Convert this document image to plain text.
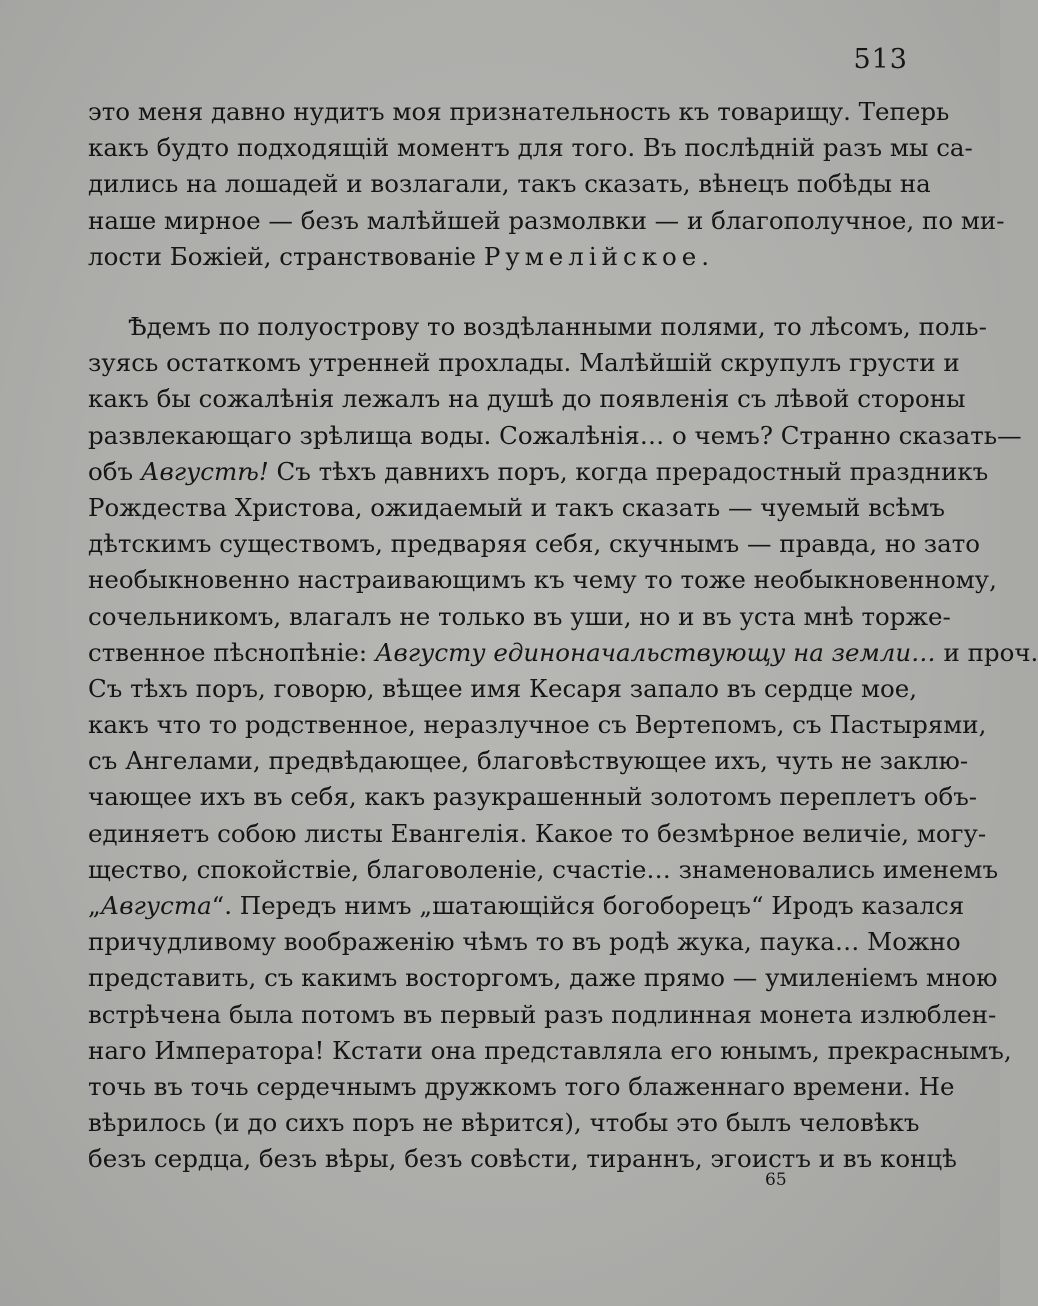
513
это меня давно нудитъ моя признательность къ товарищу. Теперь
какъ будто подходящій моментъ для того. Въ послѣдній разъ мы са-
дились на лошадей и возлагали, такъ сказать, вѣнецъ побѣды на
наше мирное — безъ малѣйшей размолвки — и благополучное, по ми-
лости Божіей, странствованіе Румелійское.
Ѣдемъ по полуострову то воздѣланными полями, то лѣсомъ, поль-
зуясь остаткомъ утренней прохлады. Малѣйшій скрупулъ грусти и
какъ бы сожалѣнія лежалъ на душѣ до появленія съ лѣвой стороны
развлекающаго зрѣлища воды. Сожалѣнія… о чемъ? Странно сказать—
объ Августѣ! Съ тѣхъ давнихъ поръ, когда прерадостный праздникъ
Рождества Христова, ожидаемый и такъ сказать — чуемый всѣмъ
дѣтскимъ существомъ, предваряя себя, скучнымъ — правда, но зато
необыкновенно настраивающимъ къ чему то тоже необыкновенному,
сочельникомъ, влагалъ не только въ уши, но и въ уста мнѣ торже-
ственное пѣснопѣніе: Августу единоначальствующу на земли… и проч.
Съ тѣхъ поръ, говорю, вѣщее имя Кесаря запало въ сердце мое,
какъ что то родственное, неразлучное съ Вертепомъ, съ Пастырями,
съ Ангелами, предвѣдающее, благовѣствующее ихъ, чуть не заклю-
чающее ихъ въ себя, какъ разукрашенный золотомъ переплетъ объ-
единяетъ собою листы Евангелія. Какое то безмѣрное величіе, могу-
щество, спокойствіе, благоволеніе, счастіе… знаменовались именемъ
„Августа“. Передъ нимъ „шатающійся богоборецъ“ Иродъ казался
причудливому воображенію чѣмъ то въ родѣ жука, паука… Можно
представить, съ какимъ восторгомъ, даже прямо — умиленіемъ мною
встрѣчена была потомъ въ первый разъ подлинная монета излюблен-
наго Императора! Кстати она представляла его юнымъ, прекраснымъ,
точь въ точь сердечнымъ дружкомъ того блаженнаго времени. Не
вѣрилось (и до сихъ поръ не вѣрится), чтобы это былъ человѣкъ
безъ сердца, безъ вѣры, безъ совѣсти, тираннъ, эгоистъ и въ концѣ
65
